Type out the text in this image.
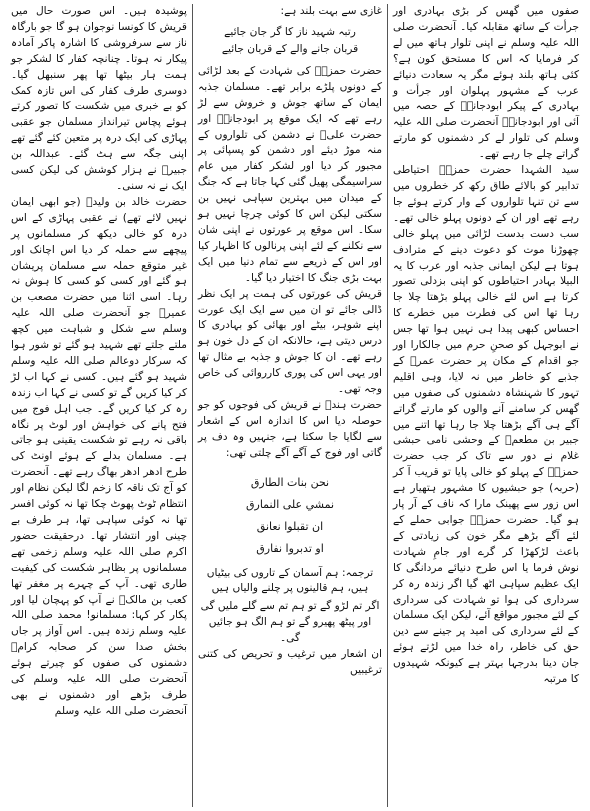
صفوں میں گھس کر بڑی بہادری اور جرأت کے ساتھ مقابلہ کیا۔ آنحضرت صلی اللہ علیہ وسلم نے اپنی تلوار ہاتھ میں لے کر فرمایا کہ اس کا مستحق کون ہے؟ کئی ہاتھ بلند ہوئے مگر یہ سعادت دنیائے عرب کے مشہور پہلوان اور جرأت و بہادری کے پیکر ابودجانہؓ کے حصہ میں آئی اور ابودجانہؓ آنحضرت صلی اللہ علیہ وسلم کی تلوار لے کر دشمنوں کو مارتے گراتے چلے جا رہے تھے۔

سید الشہدا حضرت حمزہؓ احتیاطی تدابیر کو بالائے طاق رکھ کر خطروں میں سے تن تنہا تلواروں کے وار کرتے ہوئے جا رہے تھے اور ان کے دونوں پہلو خالی تھے۔ سب دست بدست لڑائی میں پہلو خالی چھوڑنا موت کو دعوت دینے کے مترادف ہوتا ہے لیکن ایمانی جذبہ اور عرب کا یہ البیلا بہادر احتیاطوں کو اپنی بزدلی تصور کرتا ہے اس لئے خالی پہلو بڑھتا چلا جا رہا تھا اس کی فطرت میں خطرے کا احساس کبھی پیدا ہی نہیں ہوا تھا جس نے ابوجہل کو صحنِ حرم میں جالکارا اور جو اقدام کے مکان پر حضرت عمرؓ کے جذبے کو خاطر میں نہ لایا، وہی اقلیم تہور کا شہنشاہ دشمنوں کی صفوں میں گھس کر سامنے آنے والوں کو مارتے گراتے آگے ہی آگے بڑھتا چلا جا رہا تھا اتنے میں جبیر بن مطعمؓ کے وحشی نامی حبشی غلام نے دور سے تاک کر جب حضرت حمزہؓ کے پہلو کو خالی پایا تو قریب آ کر (حربہ) جو حبشیوں کا مشہور ہتھیار ہے اس زور سے پھینک مارا کہ ناف کے آر پار ہو گیا۔ حضرت حمزہؓ جوابی حملے کے لئے آگے بڑھے مگر خون کی زیادتی کے باعث لڑکھڑا کر گرے اور جامِ شہادت نوش فرما یا اس طرح دنیائے مردانگی کا ایک عظیم سپاہی اٹھ گیا اگر زندہ رہ کر سرداری کی ہوا تو شہادت کی سرداری کے لئے مجبور مواقع آئے، لیکن ایک مسلمان کے لئے سرداری کی امید پر جینے سے دین حق کی خاطر، راہ خدا میں لڑتے ہوئے جان دینا بدرجہا بہتر ہے کیونکہ شہیدوں کا مرتبہ

غازی سے بہت بلند ہے:

رتبہ شہید ناز کا گر جان جائیے

قربان جانے والے کے قربان جائیے

حضرت حمزہؓ کی شہادت کے بعد لڑائی کے دونوں پلڑے برابر تھے۔ مسلمان جذبہ ایمان کے ساتھ جوش و خروش سے لڑ رہے تھے کہ ایک موقع پر ابودجانہؓ اور حضرت علیؓ نے دشمن کی تلواروں کے منہ موڑ دیئے اور دشمن کو پسپائی پر مجبور کر دیا اور لشکر کفار میں عام سراسیمگی پھیل گئی کہا جاتا ہے کہ جنگ کے میدان میں بہترین سپاہی نہیں بن سکتی لیکن اس کا کوئی چرچا نہیں ہو سکا۔ اس موقع پر عورتوں نے اپنی شان سے نکلنے کے لئے اپنی پرنالوں کا اظہار کیا اور اس کے ذریعے سے تمام دنیا میں ایک بہت بڑی جنگ کا اختیار دیا گیا۔

قریش کی عورتوں کی ہمت پر ایک نظر ڈالی جائے تو ان میں سے ایک ایک عورت اپنے شوہر، بیٹے اور بھائی کو بہادری کا درس دیتی ہے، حالانکہ ان کے دل خون ہو رہے تھے۔ ان کا جوش و جذبہ بے مثال تھا اور یہی اس کی پوری کارروائی کی خاص وجہ تھی۔

حضرت ہندؓ نے قریش کی فوجوں کو جو حوصلہ دیا اس کا اندازہ اس کے اشعار سے لگایا جا سکتا ہے، جنہیں وہ دف پر گاتی اور فوج کے آگے آگے چلتی تھی:

نحن بنات الطارق

نمشي على النمارق

ان تقبلوا نعانق

او تدبروا نفارق

ترجمہ: ہم آسمان کے تاروں کی بیٹیاں ہیں، ہم قالینوں پر چلنے والیاں ہیں

اگر تم لڑو گے تو ہم تم سے گلے ملیں گی اور پیٹھ پھیرو گے تو ہم الگ ہو جائیں گی۔

ان اشعار میں ترغیب و تحریص کی کتنی ترغیبیں

پوشیدہ ہیں۔ اس صورت حال میں قریش کا کونسا نوجوان ہو گا جو بارگاہ ناز سے سرفروشی کا اشارہ پاکر آمادہ پیکار نہ ہوتا۔ چنانچہ کفار کا لشکر جو ہمت ہار بیٹھا تھا پھر سنبھل گیا۔ دوسری طرف کفار کی اس تازہ کمک کو بے خبری میں شکست کا تصور کرتے ہوئے پچاس تیرانداز مسلمان جو عقبی پہاڑی کی ایک درہ پر متعین کئے گئے تھے اپنی جگہ سے ہٹ گئے۔ عبداللہ بن جبیرؓ نے ہزار کوشش کی لیکن کسی ایک نے نہ سنی۔

حضرت خالد بن ولیدؓ (جو ابھی ایمان نہیں لائے تھے) نے عقبی پہاڑی کے اس درہ کو خالی دیکھ کر مسلمانوں پر پیچھے سے حملہ کر دیا اس اچانک اور غیر متوقع حملہ سے مسلمان پریشان ہو گئے اور کسی کو کسی کا ہوش نہ رہا۔ اسی اثنا میں حضرت مصعب بن عمیرؓ جو آنحضرت صلی اللہ علیہ وسلم سے شکل و شباہت میں کچھ ملتے جلتے تھے شہید ہو گئے تو شور ہوا کہ سرکار دوعالم صلی اللہ علیہ وسلم شہید ہو گئے ہیں۔ کسی نے کہا اب لڑ کر کیا کریں گے تو کسی نے کہا اب زندہ رہ کر کیا کریں گے۔ جب اہل فوج میں فتح پانے کی خواہش اور لوٹ پر نگاہ باقی نہ رہے تو شکست یقینی ہو جاتی ہے۔ مسلمان بدلے کے ہوئے اونٹ کی طرح ادھر ادھر بھاگ رہے تھے۔ آنحضرت کو آج تک ناقہ کا زخم لگا لیکن نظام اور انتظام ٹوٹ پھوٹ چکا تھا نہ کوئی افسر تھا نہ کوئی سپاہی تھا، ہر طرف بے چینی اور انتشار تھا۔ درحقیقت حضور اکرم صلی اللہ علیہ وسلم زخمی تھے مسلمانوں پر بظاہر شکست کی کیفیت طاری تھی۔ آپ کے چہرے پر مغفر تھا کعب بن مالکؓ نے آپ کو پہچان لیا اور پکار کر کہا: مسلمانو! محمد صلی اللہ علیہ وسلم زندہ ہیں۔ اس آواز پر جاں بخش صدا سن کر صحابہ کرامؓ دشمنوں کی صفوں کو چیرتے ہوئے آنحضرت صلی اللہ علیہ وسلم کی طرف بڑھے اور دشمنوں نے بھی آنحضرت صلی اللہ علیہ وسلم
